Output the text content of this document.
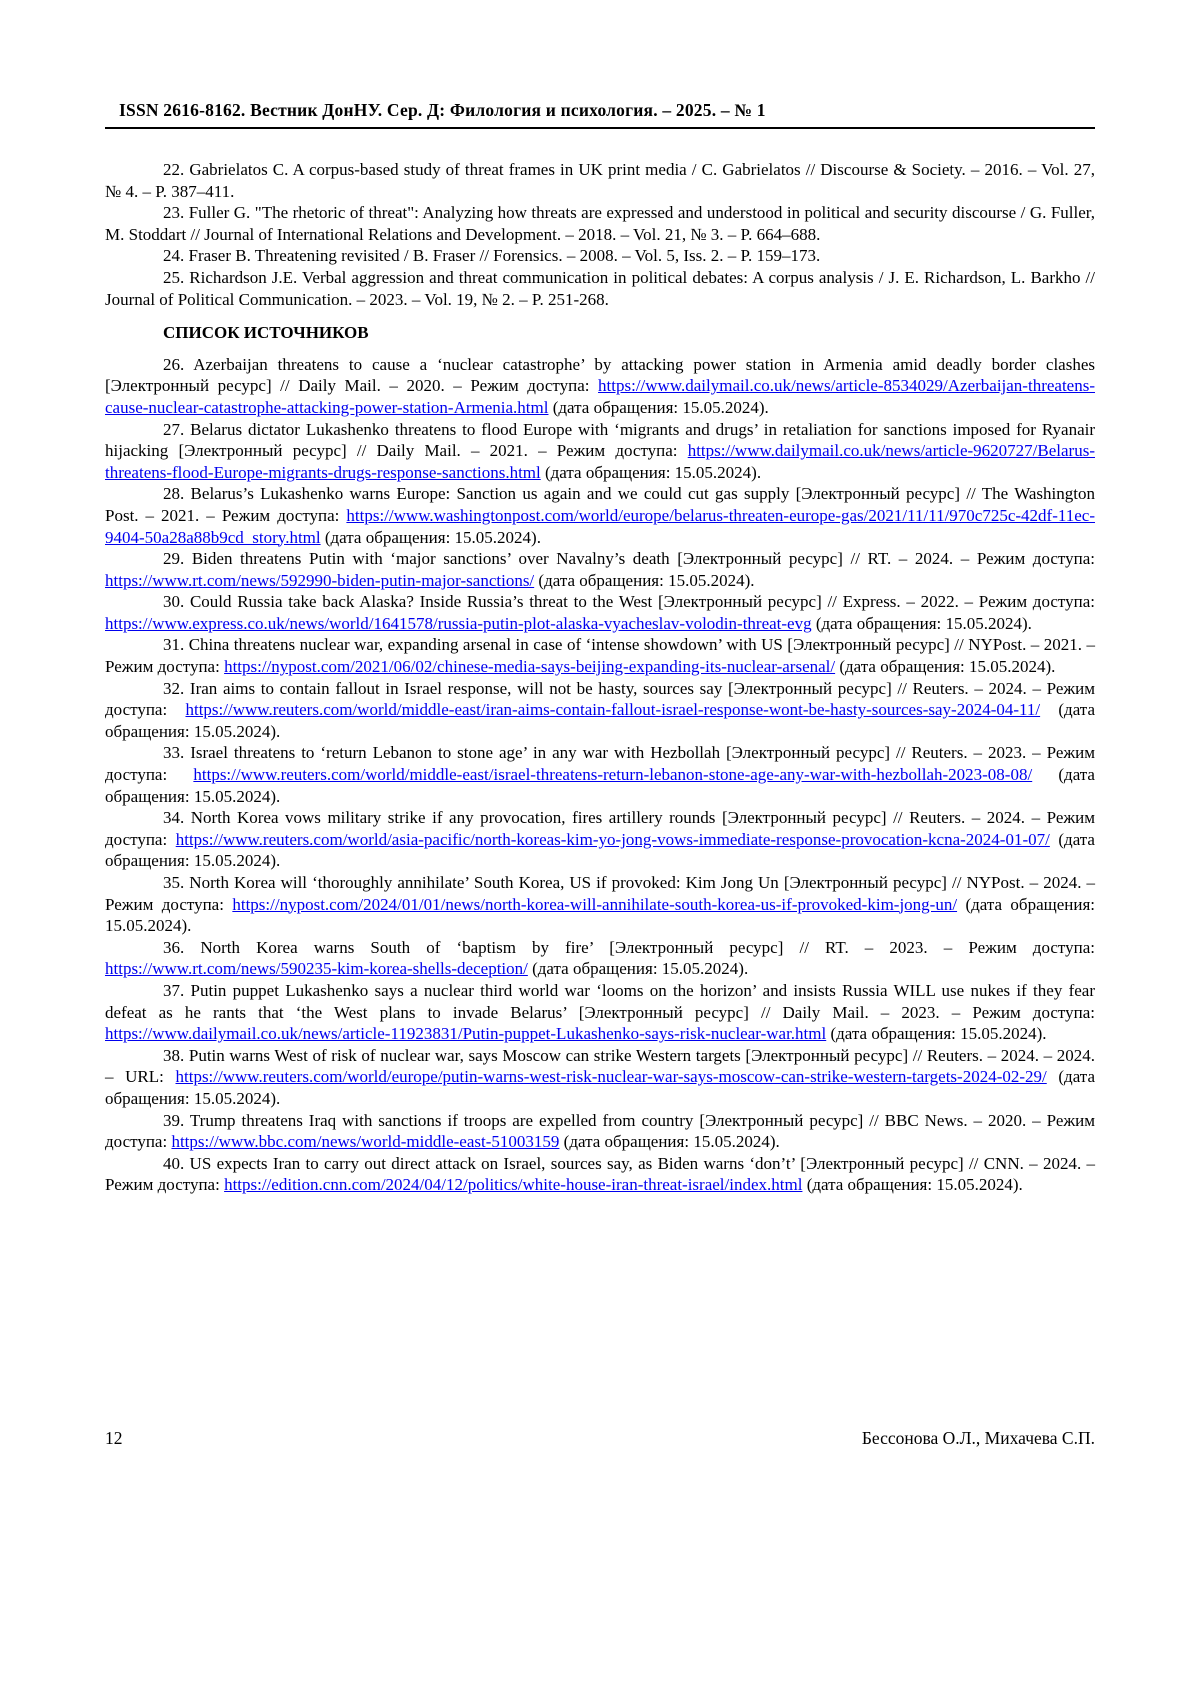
ISSN 2616-8162. Вестник ДонНУ. Сер. Д: Филология и психология. – 2025. – № 1

22. Gabrielatos C. A corpus-based study of threat frames in UK print media / C. Gabrielatos // Discourse & Society. – 2016. – Vol. 27, № 4. – P. 387–411.

23. Fuller G. "The rhetoric of threat": Analyzing how threats are expressed and understood in political and security discourse / G. Fuller, M. Stoddart // Journal of International Relations and Development. – 2018. – Vol. 21, № 3. – P. 664–688.

24. Fraser B. Threatening revisited / B. Fraser // Forensics. – 2008. – Vol. 5, Iss. 2. – P. 159–173.

25. Richardson J.E. Verbal aggression and threat communication in political debates: A corpus analysis / J. E. Richardson, L. Barkho // Journal of Political Communication. – 2023. – Vol. 19, № 2. – P. 251-268.

СПИСОК ИСТОЧНИКОВ

26. Azerbaijan threatens to cause a ‘nuclear catastrophe’ by attacking power station in Armenia amid deadly border clashes [Электронный ресурс] // Daily Mail. – 2020. – Режим доступа: https://www.dailymail.co.uk/news/article-8534029/Azerbaijan-threatens-cause-nuclear-catastrophe-attacking-power-station-Armenia.html (дата обращения: 15.05.2024).

27. Belarus dictator Lukashenko threatens to flood Europe with ‘migrants and drugs’ in retaliation for sanctions imposed for Ryanair hijacking [Электронный ресурс] // Daily Mail. – 2021. – Режим доступа: https://www.dailymail.co.uk/news/article-9620727/Belarus-threatens-flood-Europe-migrants-drugs-response-sanctions.html (дата обращения: 15.05.2024).

28. Belarus’s Lukashenko warns Europe: Sanction us again and we could cut gas supply [Электронный ресурс] // The Washington Post. – 2021. – Режим доступа: https://www.washingtonpost.com/world/europe/belarus-threaten-europe-gas/2021/11/11/970c725c-42df-11ec-9404-50a28a88b9cd_story.html (дата обращения: 15.05.2024).

29. Biden threatens Putin with ‘major sanctions’ over Navalny’s death [Электронный ресурс] // RT. – 2024. – Режим доступа: https://www.rt.com/news/592990-biden-putin-major-sanctions/ (дата обращения: 15.05.2024).

30. Could Russia take back Alaska? Inside Russia’s threat to the West [Электронный ресурс] // Express. – 2022. – Режим доступа: https://www.express.co.uk/news/world/1641578/russia-putin-plot-alaska-vyacheslav-volodin-threat-evg (дата обращения: 15.05.2024).

31. China threatens nuclear war, expanding arsenal in case of ‘intense showdown’ with US [Электронный ресурс] // NYPost. – 2021. – Режим доступа: https://nypost.com/2021/06/02/chinese-media-says-beijing-expanding-its-nuclear-arsenal/ (дата обращения: 15.05.2024).

32. Iran aims to contain fallout in Israel response, will not be hasty, sources say [Электронный ресурс] // Reuters. – 2024. – Режим доступа: https://www.reuters.com/world/middle-east/iran-aims-contain-fallout-israel-response-wont-be-hasty-sources-say-2024-04-11/ (дата обращения: 15.05.2024).

33. Israel threatens to ‘return Lebanon to stone age’ in any war with Hezbollah [Электронный ресурс] // Reuters. – 2023. – Режим доступа: https://www.reuters.com/world/middle-east/israel-threatens-return-lebanon-stone-age-any-war-with-hezbollah-2023-08-08/ (дата обращения: 15.05.2024).

34. North Korea vows military strike if any provocation, fires artillery rounds [Электронный ресурс] // Reuters. – 2024. – Режим доступа: https://www.reuters.com/world/asia-pacific/north-koreas-kim-yo-jong-vows-immediate-response-provocation-kcna-2024-01-07/ (дата обращения: 15.05.2024).

35. North Korea will ‘thoroughly annihilate’ South Korea, US if provoked: Kim Jong Un [Электронный ресурс] // NYPost. – 2024. – Режим доступа: https://nypost.com/2024/01/01/news/north-korea-will-annihilate-south-korea-us-if-provoked-kim-jong-un/ (дата обращения: 15.05.2024).

36. North Korea warns South of ‘baptism by fire’ [Электронный ресурс] // RT. – 2023. – Режим доступа: https://www.rt.com/news/590235-kim-korea-shells-deception/ (дата обращения: 15.05.2024).

37. Putin puppet Lukashenko says a nuclear third world war ‘looms on the horizon’ and insists Russia WILL use nukes if they fear defeat as he rants that ‘the West plans to invade Belarus’ [Электронный ресурс] // Daily Mail. – 2023. – Режим доступа: https://www.dailymail.co.uk/news/article-11923831/Putin-puppet-Lukashenko-says-risk-nuclear-war.html (дата обращения: 15.05.2024).

38. Putin warns West of risk of nuclear war, says Moscow can strike Western targets [Электронный ресурс] // Reuters. – 2024. – 2024. – URL: https://www.reuters.com/world/europe/putin-warns-west-risk-nuclear-war-says-moscow-can-strike-western-targets-2024-02-29/ (дата обращения: 15.05.2024).

39. Trump threatens Iraq with sanctions if troops are expelled from country [Электронный ресурс] // BBC News. – 2020. – Режим доступа: https://www.bbc.com/news/world-middle-east-51003159 (дата обращения: 15.05.2024).

40. US expects Iran to carry out direct attack on Israel, sources say, as Biden warns ‘don’t’ [Электронный ресурс] // CNN. – 2024. – Режим доступа: https://edition.cnn.com/2024/04/12/politics/white-house-iran-threat-israel/index.html (дата обращения: 15.05.2024).

12	Бессонова О.Л., Михачева С.П.
